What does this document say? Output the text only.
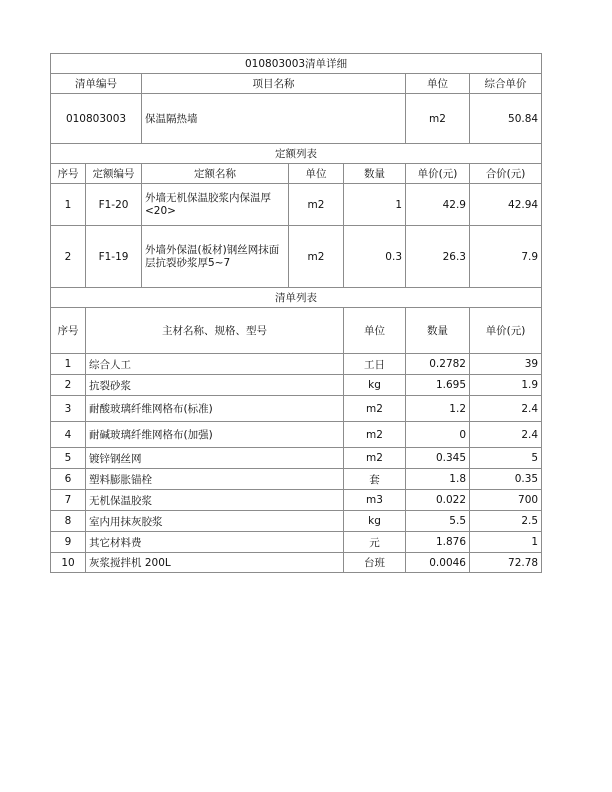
010803003清单详细							
清单编号		项目名称			单位	综合单价	
010803003		保温隔热墙			m2	50.84	
定额列表							
序号	定额编号	定额名称	单位	数量	单价(元)	合价(元)	
1	F1-20	外墙无机保温胶浆内保温厚<20>	m2	1	42.9	42.94	
2	F1-19	外墙外保温(板材)钢丝网抹面层抗裂砂浆厚5~7	m2	0.3	26.3	7.9	
清单列表							
序号	主材名称、规格、型号			单位	数量	单价(元)	
1	综合人工			工日	0.2782	39	
2	抗裂砂浆			kg	1.695	1.9	
3	耐酸玻璃纤维网格布(标准)			m2	1.2	2.4	
4	耐碱玻璃纤维网格布(加强)			m2	0	2.4	
5	镀锌钢丝网			m2	0.345	5	
6	塑料膨胀锚栓			套	1.8	0.35	
7	无机保温胶浆			m3	0.022	700	
8	室内用抹灰胶浆			kg	5.5	2.5	
9	其它材料费			元	1.876	1	
10	灰浆搅拌机 200L			台班	0.0046	72.78	
